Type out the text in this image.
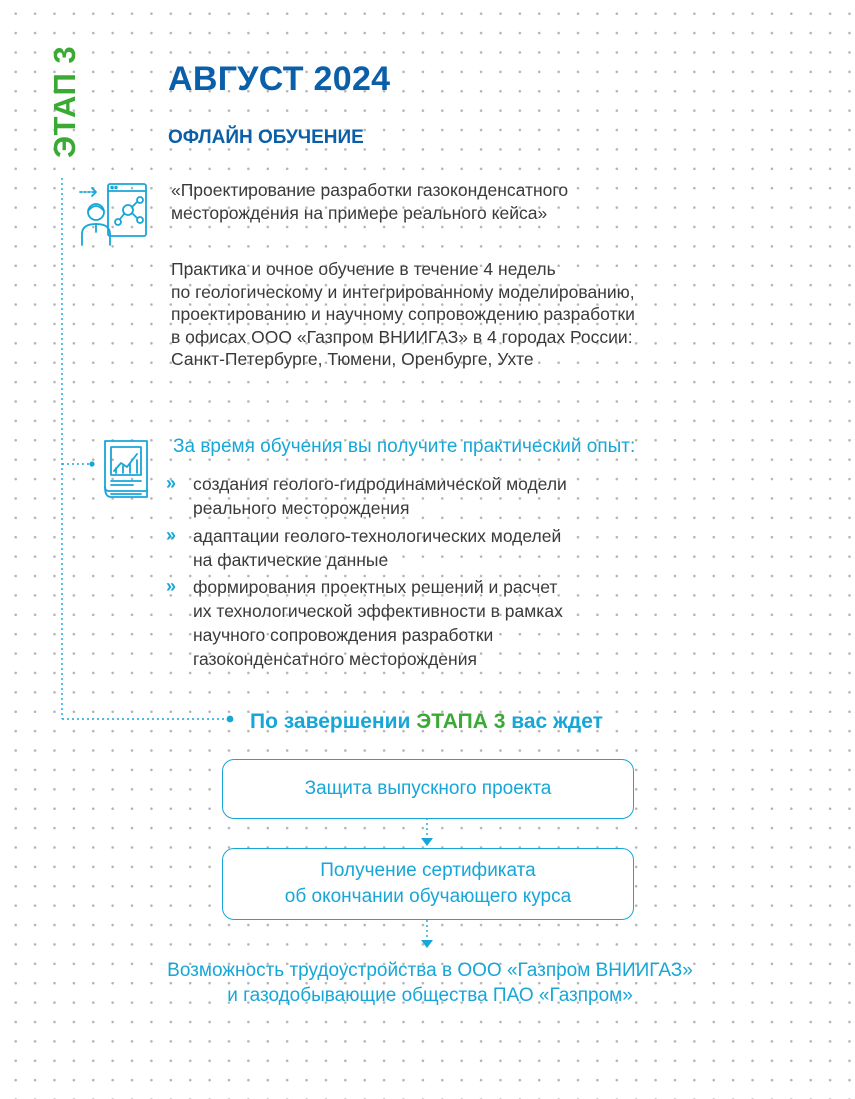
ЭТАП 3	АВГУСТ 2024
ОФЛАЙН ОБУЧЕНИЕ
«Проектирование разработки газоконденсатного
месторождения на примере реального кейса»
Практика и очное обучение в течение 4 недель
по геологическому и интегрированному моделированию,
проектированию и научному сопровождению разработки
в офисах ООО «Газпром ВНИИГАЗ» в 4 городах России:
Санкт-Петербурге, Тюмени, Оренбурге, Ухте
За время обучения вы получите практический опыт:
» создания геолого-гидродинамической модели
реального месторождения
» адаптации геолого-технологических моделей
на фактические данные
» формирования проектных решений и расчет
их технологической эффективности в рамках
научного сопровождения разработки
газоконденсатного месторождения
По завершении ЭТАПА 3 вас ждет
Защита выпускного проекта
Получение сертификата
об окончании обучающего курса
Возможность трудоустройства в ООО «Газпром ВНИИГАЗ»
и газодобывающие общества ПАО «Газпром»
